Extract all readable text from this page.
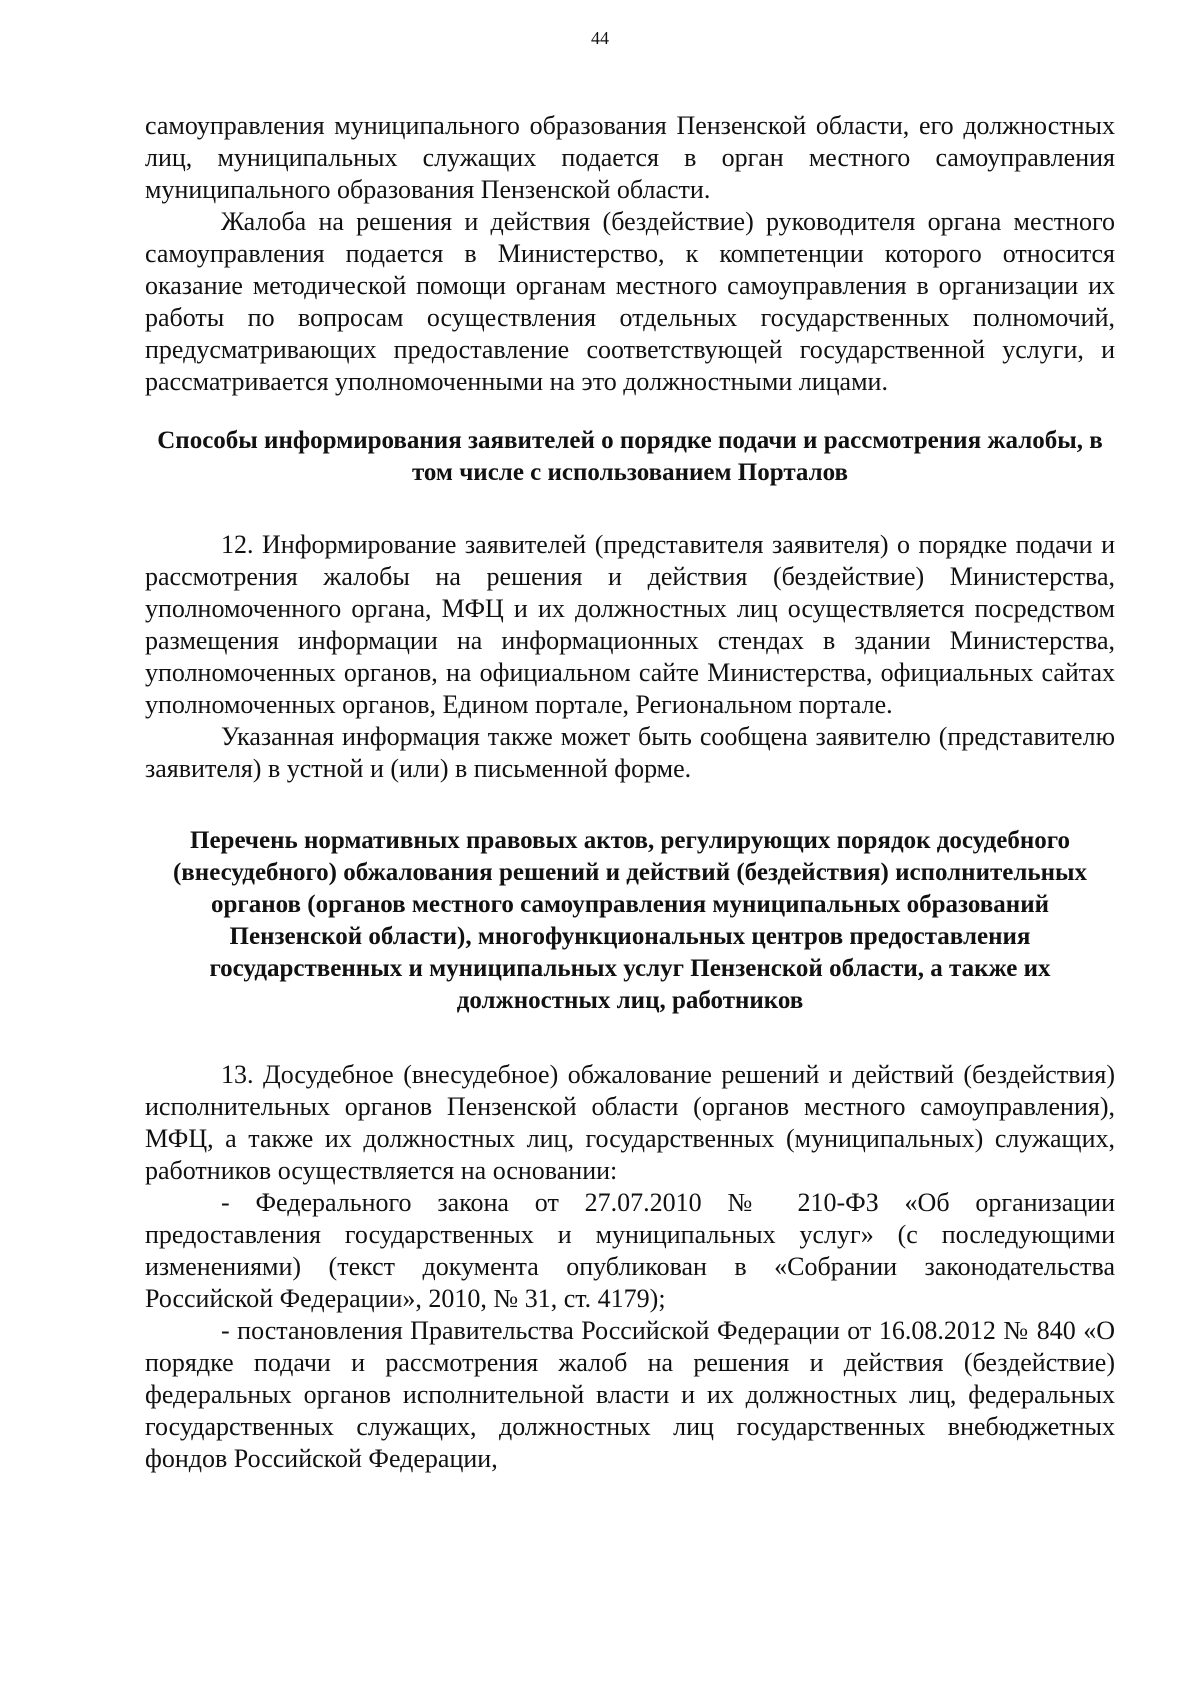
44

самоуправления муниципального образования Пензенской области, его должностных лиц, муниципальных служащих подается в орган местного самоуправления муниципального образования Пензенской области.

Жалоба на решения и действия (бездействие) руководителя органа местного самоуправления подается в Министерство, к компетенции которого относится оказание методической помощи органам местного самоуправления в организации их работы по вопросам осуществления отдельных государственных полномочий, предусматривающих предоставление соответствующей государственной услуги, и рассматривается уполномоченными на это должностными лицами.

Способы информирования заявителей о порядке подачи и рассмотрения жалобы, в том числе с использованием Порталов

12. Информирование заявителей (представителя заявителя) о порядке подачи и рассмотрения жалобы на решения и действия (бездействие) Министерства, уполномоченного органа, МФЦ и их должностных лиц осуществляется посредством размещения информации на информационных стендах в здании Министерства, уполномоченных органов, на официальном сайте Министерства, официальных сайтах уполномоченных органов, Едином портале, Региональном портале.

Указанная информация также может быть сообщена заявителю (представителю заявителя) в устной и (или) в письменной форме.

Перечень нормативных правовых актов, регулирующих порядок досудебного (внесудебного) обжалования решений и действий (бездействия) исполнительных органов (органов местного самоуправления муниципальных образований Пензенской области), многофункциональных центров предоставления государственных и муниципальных услуг Пензенской области, а также их должностных лиц, работников

13. Досудебное (внесудебное) обжалование решений и действий (бездействия) исполнительных органов Пензенской области (органов местного самоуправления), МФЦ, а также их должностных лиц, государственных (муниципальных) служащих, работников осуществляется на основании:

- Федерального закона от 27.07.2010 № 210-ФЗ «Об организации предоставления государственных и муниципальных услуг» (с последующими изменениями) (текст документа опубликован в «Собрании законодательства Российской Федерации», 2010, № 31, ст. 4179);

- постановления Правительства Российской Федерации от 16.08.2012 № 840 «О порядке подачи и рассмотрения жалоб на решения и действия (бездействие) федеральных органов исполнительной власти и их должностных лиц, федеральных государственных служащих, должностных лиц государственных внебюджетных фондов Российской Федерации,
